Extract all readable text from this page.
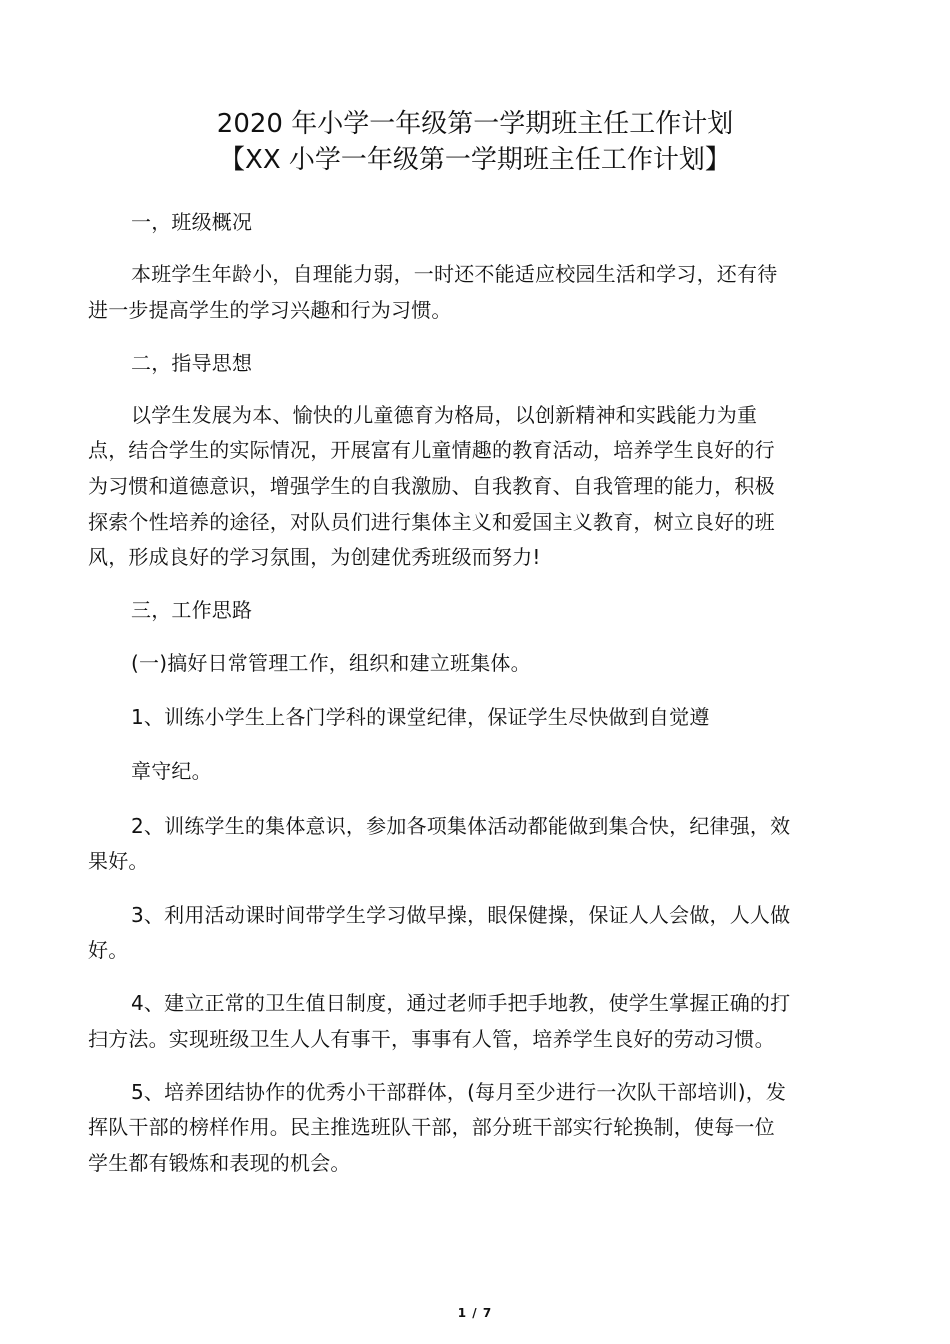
2020 年小学一年级第一学期班主任工作计划
【XX 小学一年级第一学期班主任工作计划】
一，班级概况
本班学生年龄小，自理能力弱，一时还不能适应校园生活和学习，还有待
进一步提高学生的学习兴趣和行为习惯。
二，指导思想
以学生发展为本、愉快的儿童德育为格局，以创新精神和实践能力为重
点，结合学生的实际情况，开展富有儿童情趣的教育活动，培养学生良好的行
为习惯和道德意识，增强学生的自我激励、自我教育、自我管理的能力，积极
探索个性培养的途径，对队员们进行集体主义和爱国主义教育，树立良好的班
风，形成良好的学习氛围，为创建优秀班级而努力!
三，工作思路
(一)搞好日常管理工作，组织和建立班集体。
1、训练小学生上各门学科的课堂纪律，保证学生尽快做到自觉遵
章守纪。
2、训练学生的集体意识，参加各项集体活动都能做到集合快，纪律强，效
果好。
3、利用活动课时间带学生学习做早操，眼保健操，保证人人会做，人人做
好。
4、建立正常的卫生值日制度，通过老师手把手地教，使学生掌握正确的打
扫方法。实现班级卫生人人有事干，事事有人管，培养学生良好的劳动习惯。
5、培养团结协作的优秀小干部群体，(每月至少进行一次队干部培训)，发
挥队干部的榜样作用。民主推选班队干部，部分班干部实行轮换制，使每一位
学生都有锻炼和表现的机会。
1 / 7
